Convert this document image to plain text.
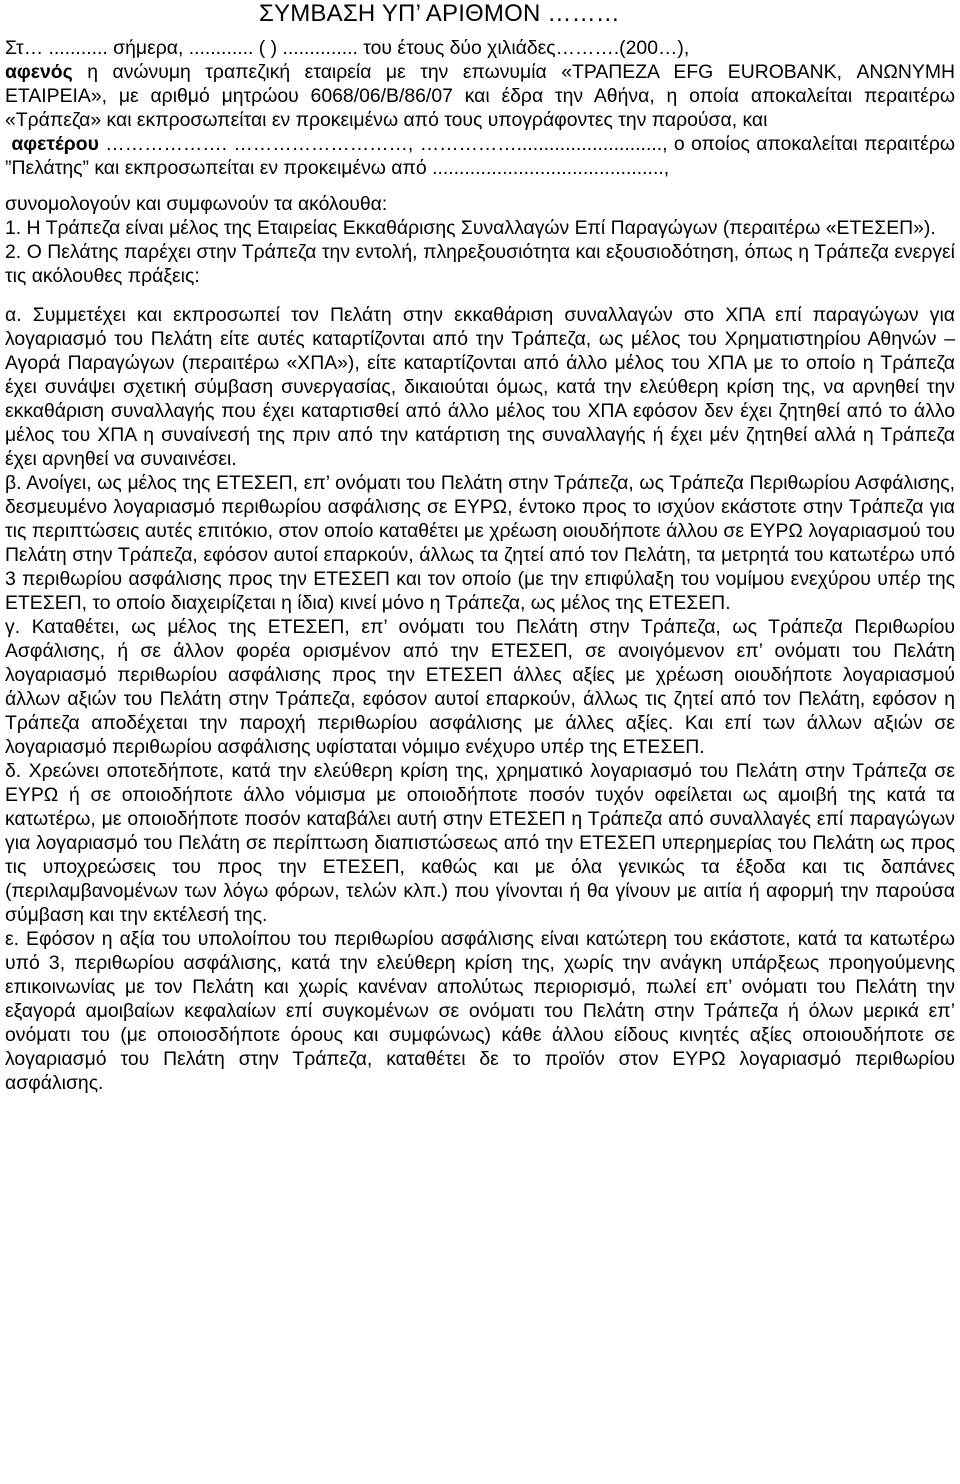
ΣΥΜΒΑΣΗ ΥΠ’ ΑΡΙΘΜΟΝ ………

Στ… ........... σήμερα, ............ ( ) .............. του έτους δύο χιλιάδες……….(200…),

αφενός η ανώνυμη τραπεζική εταιρεία με την επωνυμία «ΤΡΑΠΕΖΑ EFG EUROBANK, ΑΝΩΝΥΜΗ ΕΤΑΙΡΕΙΑ», με αριθμό μητρώου 6068/06/Β/86/07 και έδρα την Αθήνα, η οποία αποκαλείται περαιτέρω «Τράπεζα» και εκπροσωπείται εν προκειμένω από τους υπογράφοντες την παρούσα, και

αφετέρου ………………. ………………………, ……………..........................., ο οποίος αποκαλείται περαιτέρω ”Πελάτης” και εκπροσωπείται εν προκειμένω από ...........................................,

συνομολογούν και συμφωνούν τα ακόλουθα:

1. Η Τράπεζα είναι μέλος της Εταιρείας Εκκαθάρισης Συναλλαγών Επί Παραγώγων (περαιτέρω «ΕΤΕΣΕΠ»).

2. Ο Πελάτης παρέχει στην Τράπεζα την εντολή, πληρεξουσιότητα και εξουσιοδότηση, όπως η Τράπεζα ενεργεί τις ακόλουθες πράξεις:

α. Συμμετέχει και εκπροσωπεί τον Πελάτη στην εκκαθάριση συναλλαγών στο ΧΠΑ επί παραγώγων για λογαριασμό του Πελάτη είτε αυτές καταρτίζονται από την Τράπεζα, ως μέλος του Χρηματιστηρίου Αθηνών – Αγορά Παραγώγων (περαιτέρω «ΧΠΑ»), είτε καταρτίζονται από άλλο μέλος του ΧΠΑ με το οποίο η Τράπεζα έχει συνάψει σχετική σύμβαση συνεργασίας, δικαιούται όμως, κατά την ελεύθερη κρίση της, να αρνηθεί την εκκαθάριση συναλλαγής που έχει καταρτισθεί από άλλο μέλος του ΧΠΑ εφόσον δεν έχει ζητηθεί από το άλλο μέλος του ΧΠΑ η συναίνεσή της πριν από την κατάρτιση της συναλλαγής ή έχει μέν ζητηθεί αλλά η Τράπεζα έχει αρνηθεί να συναινέσει.

β. Ανοίγει, ως μέλος της ΕΤΕΣΕΠ, επ’ ονόματι του Πελάτη στην Τράπεζα, ως Τράπεζα Περιθωρίου Ασφάλισης, δεσμευμένο λογαριασμό περιθωρίου ασφάλισης σε ΕΥΡΩ, έντοκο προς το ισχύον εκάστοτε στην Τράπεζα για τις περιπτώσεις αυτές επιτόκιο, στον οποίο καταθέτει με χρέωση οιουδήποτε άλλου σε ΕΥΡΩ λογαριασμού του Πελάτη στην Τράπεζα, εφόσον αυτοί επαρκούν, άλλως τα ζητεί από τον Πελάτη, τα μετρητά του κατωτέρω υπό 3 περιθωρίου ασφάλισης προς την ΕΤΕΣΕΠ και τον οποίο (με την επιφύλαξη του νομίμου ενεχύρου υπέρ της ΕΤΕΣΕΠ, το οποίο διαχειρίζεται η ίδια) κινεί μόνο η Τράπεζα, ως μέλος της ΕΤΕΣΕΠ.

γ. Καταθέτει, ως μέλος της ΕΤΕΣΕΠ, επ’ ονόματι του Πελάτη στην Τράπεζα, ως Τράπεζα Περιθωρίου Ασφάλισης, ή σε άλλον φορέα ορισμένον από την ΕΤΕΣΕΠ, σε ανοιγόμενον επ’ ονόματι του Πελάτη λογαριασμό περιθωρίου ασφάλισης προς την ΕΤΕΣΕΠ άλλες αξίες με χρέωση οιουδήποτε λογαριασμού άλλων αξιών του Πελάτη στην Τράπεζα, εφόσον αυτοί επαρκούν, άλλως τις ζητεί από τον Πελάτη, εφόσον η Τράπεζα αποδέχεται την παροχή περιθωρίου ασφάλισης με άλλες αξίες. Και επί των άλλων αξιών σε λογαριασμό περιθωρίου ασφάλισης υφίσταται νόμιμο ενέχυρο υπέρ της ΕΤΕΣΕΠ.

δ. Χρεώνει οποτεδήποτε, κατά την ελεύθερη κρίση της, χρηματικό λογαριασμό του Πελάτη στην Τράπεζα σε ΕΥΡΩ ή σε οποιοδήποτε άλλο νόμισμα με οποιοδήποτε ποσόν τυχόν οφείλεται ως αμοιβή της κατά τα κατωτέρω, με οποιοδήποτε ποσόν καταβάλει αυτή στην ΕΤΕΣΕΠ η Τράπεζα από συναλλαγές επί παραγώγων για λογαριασμό του Πελάτη σε περίπτωση διαπιστώσεως από την ΕΤΕΣΕΠ υπερημερίας του Πελάτη ως προς τις υποχρεώσεις του προς την ΕΤΕΣΕΠ, καθώς και με όλα γενικώς τα έξοδα και τις δαπάνες (περιλαμβανομένων των λόγω φόρων, τελών κλπ.) που γίνονται ή θα γίνουν με αιτία ή αφορμή την παρούσα σύμβαση και την εκτέλεσή της.

ε. Εφόσον η αξία του υπολοίπου του περιθωρίου ασφάλισης είναι κατώτερη του εκάστοτε, κατά τα κατωτέρω υπό 3, περιθωρίου ασφάλισης, κατά την ελεύθερη κρίση της, χωρίς την ανάγκη υπάρξεως προηγούμενης επικοινωνίας με τον Πελάτη και χωρίς κανέναν απολύτως περιορισμό, πωλεί επ’ ονόματι του Πελάτη την εξαγορά αμοιβαίων κεφαλαίων επί συγκομένων σε ονόματι του Πελάτη στην Τράπεζα ή όλων μερικά επ’ ονόματι του (με οποιοσδήποτε όρους και συμφώνως) κάθε άλλου είδους κινητές αξίες οποιουδήποτε σε λογαριασμό του Πελάτη στην Τράπεζα, καταθέτει δε το προϊόν στον ΕΥΡΩ λογαριασμό περιθωρίου ασφάλισης.
